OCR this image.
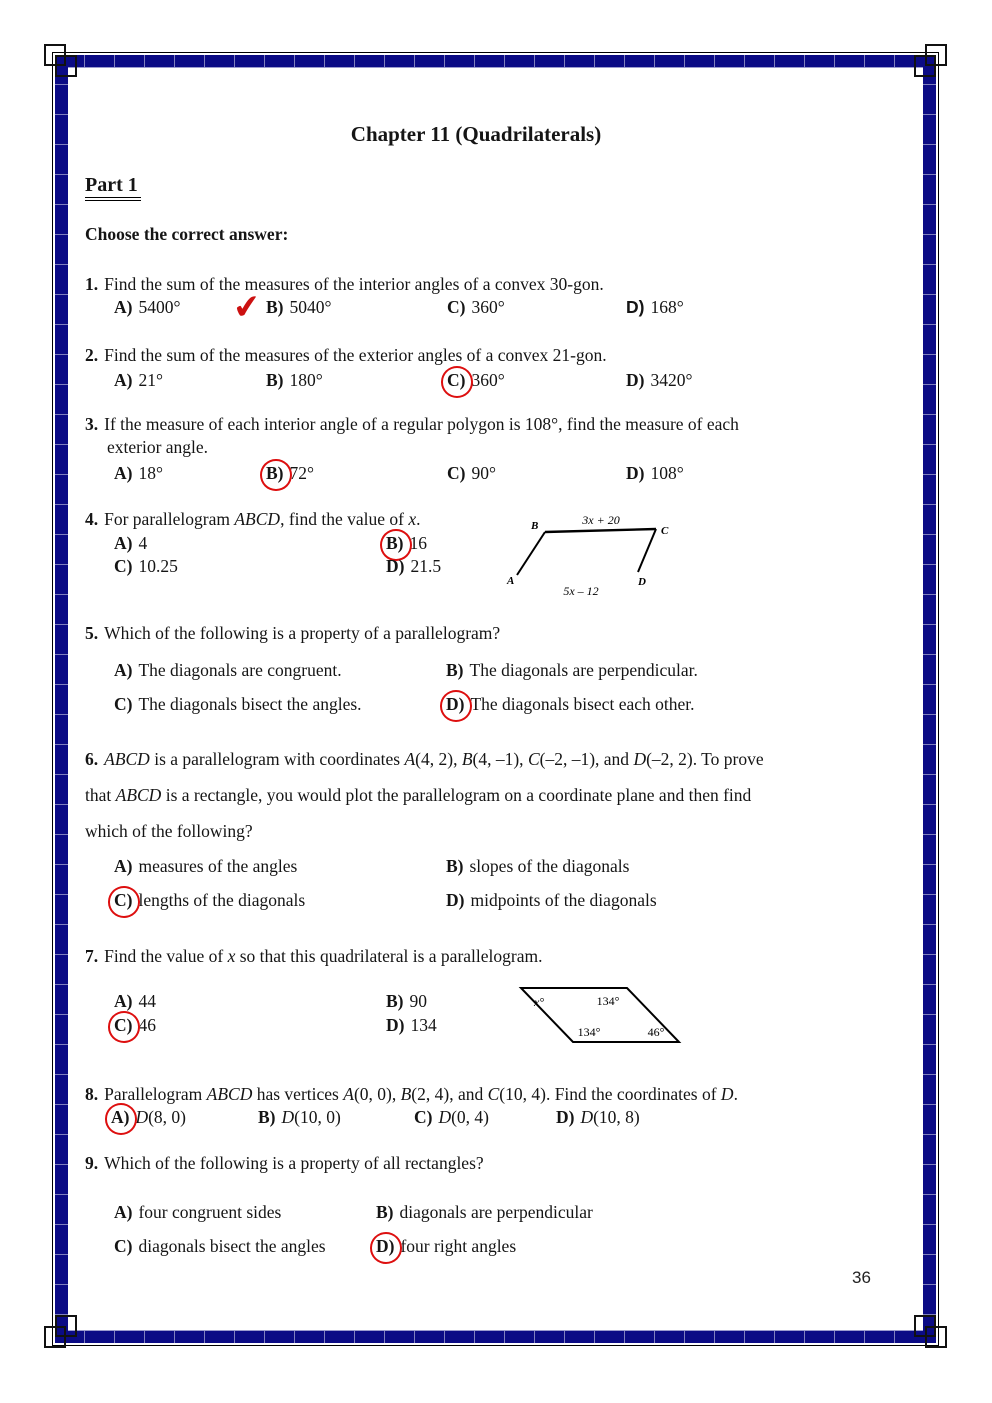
Chapter 11 (Quadrilaterals)
Part 1
Choose the correct answer:
1. Find the sum of the measures of the interior angles of a convex 30-gon.
A) 5400°	✔ B) 5040°	C) 360°	D) 168°
2. Find the sum of the measures of the exterior angles of a convex 21-gon.
A) 21°	B) 180°	C) 360°	D) 3420°
3. If the measure of each interior angle of a regular polygon is 108°, find the measure of each
exterior angle.
A) 18°	B) 72°	C) 90°	D) 108°
4. For parallelogram ABCD, find the value of x.
A) 4	B) 16
C) 10.25	D) 21.5
3x + 20
5x – 12
B	C
A	D
5. Which of the following is a property of a parallelogram?
A) The diagonals are congruent.	B) The diagonals are perpendicular.
C) The diagonals bisect the angles.	D) The diagonals bisect each other.
6. ABCD is a parallelogram with coordinates A(4, 2), B(4, –1), C(–2, –1), and D(–2, 2). To prove
that ABCD is a rectangle, you would plot the parallelogram on a coordinate plane and then find
which of the following?
A) measures of the angles	B) slopes of the diagonals
C) lengths of the diagonals	D) midpoints of the diagonals
7. Find the value of x so that this quadrilateral is a parallelogram.
A) 44	B) 90
C) 46	D) 134
x°	134°
134°	46°
8. Parallelogram ABCD has vertices A(0, 0), B(2, 4), and C(10, 4). Find the coordinates of D.
A) D(8, 0)	B) D(10, 0)	C) D(0, 4)	D) D(10, 8)
9. Which of the following is a property of all rectangles?
A) four congruent sides	B) diagonals are perpendicular
C) diagonals bisect the angles	D) four right angles
36
